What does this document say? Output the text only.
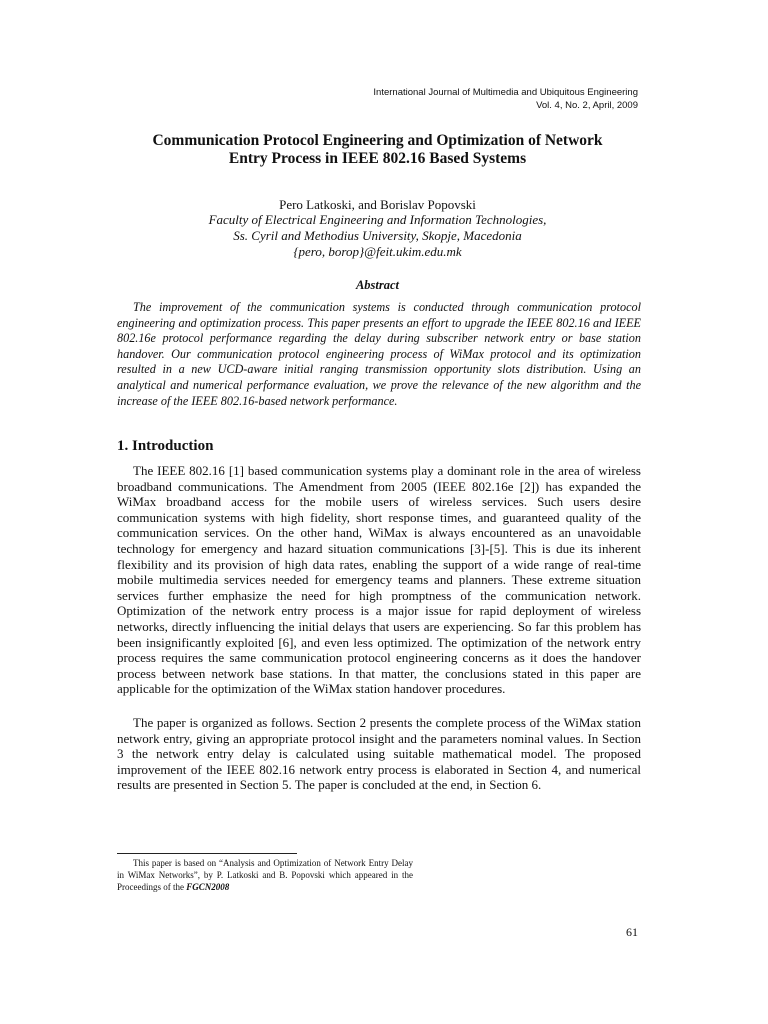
International Journal of Multimedia and Ubiquitous Engineering
Vol. 4, No. 2, April, 2009
Communication Protocol Engineering and Optimization of Network
Entry Process in IEEE 802.16 Based Systems
Pero Latkoski, and Borislav Popovski
Faculty of Electrical Engineering and Information Technologies,
Ss. Cyril and Methodius University, Skopje, Macedonia
{pero, borop}@feit.ukim.edu.mk
Abstract
The improvement of the communication systems is conducted through communication protocol engineering and optimization process. This paper presents an effort to upgrade the IEEE 802.16 and IEEE 802.16e protocol performance regarding the delay during subscriber network entry or base station handover. Our communication protocol engineering process of WiMax protocol and its optimization resulted in a new UCD-aware initial ranging transmission opportunity slots distribution. Using an analytical and numerical performance evaluation, we prove the relevance of the new algorithm and the increase of the IEEE 802.16-based network performance.
1. Introduction
The IEEE 802.16 [1] based communication systems play a dominant role in the area of wireless broadband communications. The Amendment from 2005 (IEEE 802.16e [2]) has expanded the WiMax broadband access for the mobile users of wireless services. Such users desire communication systems with high fidelity, short response times, and guaranteed quality of the communication services. On the other hand, WiMax is always encountered as an unavoidable technology for emergency and hazard situation communications [3]-[5]. This is due its inherent flexibility and its provision of high data rates, enabling the support of a wide range of real-time mobile multimedia services needed for emergency teams and planners. These extreme situation services further emphasize the need for high promptness of the communication network. Optimization of the network entry process is a major issue for rapid deployment of wireless networks, directly influencing the initial delays that users are experiencing. So far this problem has been insignificantly exploited [6], and even less optimized. The optimization of the network entry process requires the same communication protocol engineering concerns as it does the handover process between network base stations. In that matter, the conclusions stated in this paper are applicable for the optimization of the WiMax station handover procedures.
The paper is organized as follows. Section 2 presents the complete process of the WiMax station network entry, giving an appropriate protocol insight and the parameters nominal values. In Section 3 the network entry delay is calculated using suitable mathematical model. The proposed improvement of the IEEE 802.16 network entry process is elaborated in Section 4, and numerical results are presented in Section 5. The paper is concluded at the end, in Section 6.
This paper is based on “Analysis and Optimization of Network Entry Delay in WiMax Networks”, by P. Latkoski and B. Popovski which appeared in the Proceedings of the FGCN2008
61
